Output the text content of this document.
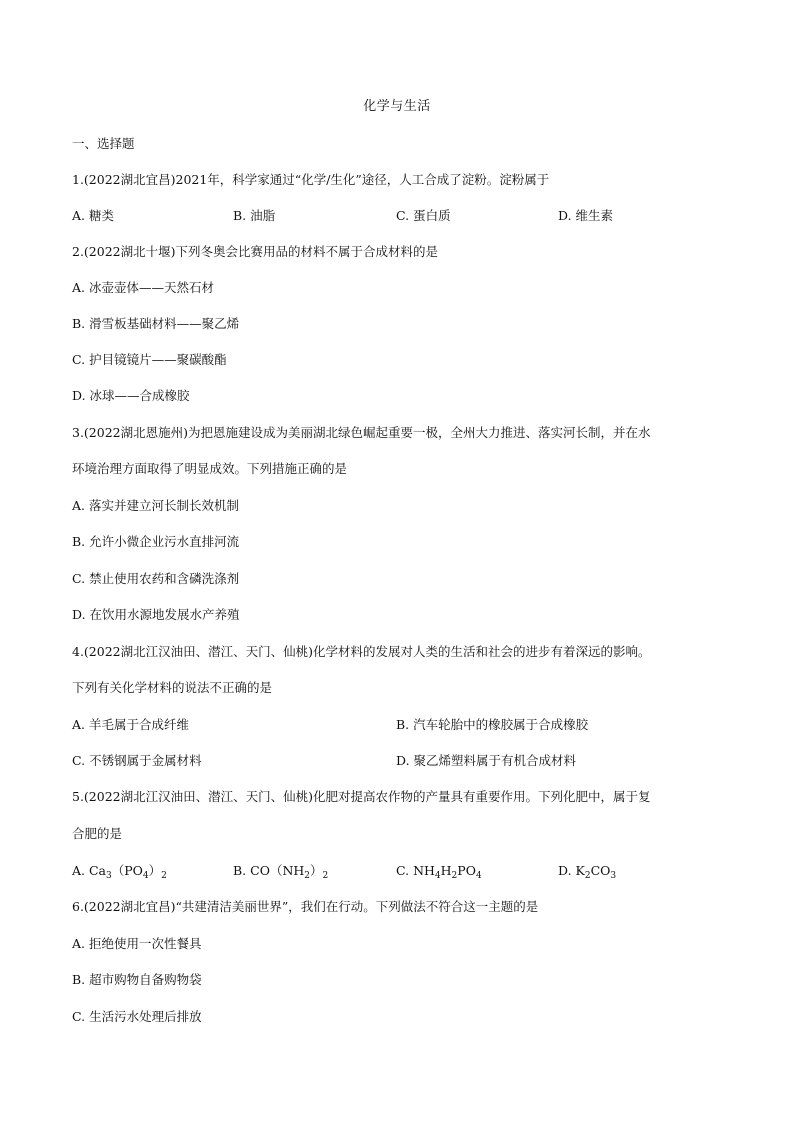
化学与生活
一、选择题
1.(2022湖北宜昌)2021年，科学家通过“化学/生化”途径，人工合成了淀粉。淀粉属于
A. 糖类	B. 油脂	C. 蛋白质	D. 维生素
2.(2022湖北十堰)下列冬奥会比赛用品的材料不属于合成材料的是
A. 冰壶壶体——天然石材
B. 滑雪板基础材料——聚乙烯
C. 护目镜镜片——聚碳酸酯
D. 冰球——合成橡胶
3.(2022湖北恩施州)为把恩施建设成为美丽湖北绿色崛起重要一极，全州大力推进、落实河长制，并在水
环境治理方面取得了明显成效。下列措施正确的是
A. 落实并建立河长制长效机制
B. 允许小微企业污水直排河流
C. 禁止使用农药和含磷洗涤剂
D. 在饮用水源地发展水产养殖
4.(2022湖北江汉油田、潜江、天门、仙桃)化学材料的发展对人类的生活和社会的进步有着深远的影响。
下列有关化学材料的说法不正确的是
A. 羊毛属于合成纤维	B. 汽车轮胎中的橡胶属于合成橡胶
C. 不锈钢属于金属材料	D. 聚乙烯塑料属于有机合成材料
5.(2022湖北江汉油田、潜江、天门、仙桃)化肥对提高农作物的产量具有重要作用。下列化肥中，属于复
合肥的是
A. $Ca_3(PO_4)_2$	B. $CO(NH_2)_2$	C. $NH_4H_2PO_4$	D. $K_2CO_3$
6.(2022湖北宜昌)“共建清洁美丽世界”，我们在行动。下列做法不符合这一主题的是
A. 拒绝使用一次性餐具
B. 超市购物自备购物袋
C. 生活污水处理后排放
